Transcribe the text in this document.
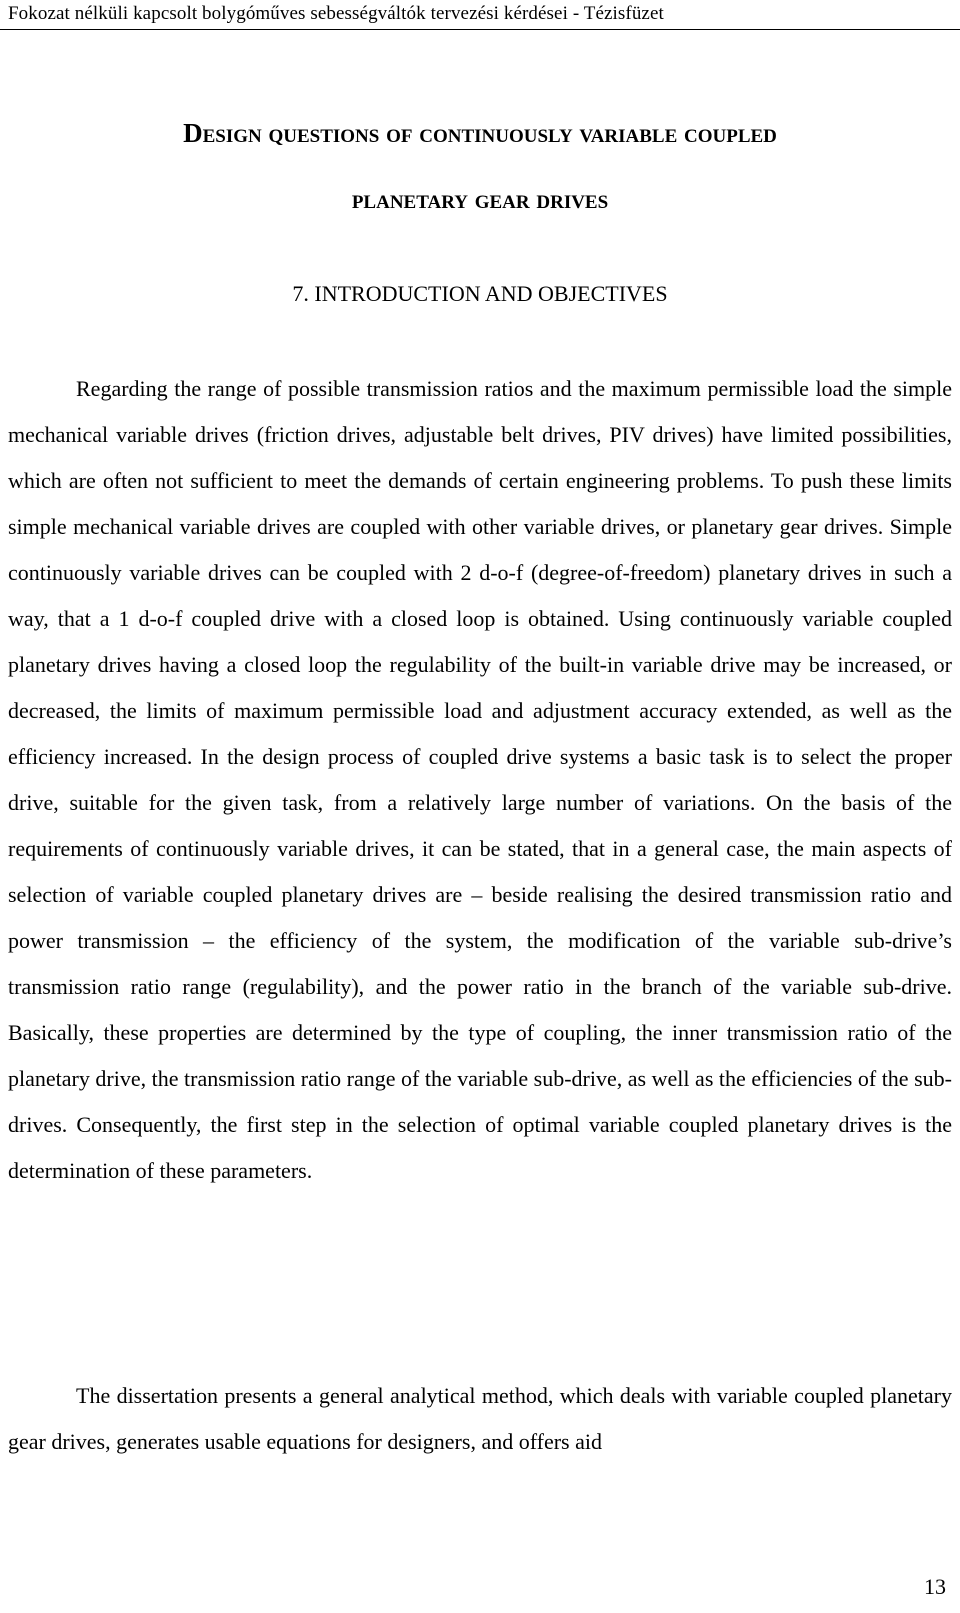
Fokozat nélküli kapcsolt bolygóműves sebességváltók tervezési kérdései - Tézisfüzet
Design questions of continuously variable coupled
planetary gear drives
7. INTRODUCTION AND OBJECTIVES

Regarding the range of possible transmission ratios and the maximum permissible load the simple mechanical variable drives (friction drives, adjustable belt drives, PIV drives) have limited possibilities, which are often not sufficient to meet the demands of certain engineering problems. To push these limits simple mechanical variable drives are coupled with other variable drives, or planetary gear drives. Simple continuously variable drives can be coupled with 2 d-o-f (degree-of-freedom) planetary drives in such a way, that a 1 d-o-f coupled drive with a closed loop is obtained. Using continuously variable coupled planetary drives having a closed loop the regulability of the built-in variable drive may be increased, or decreased, the limits of maximum permissible load and adjustment accuracy extended, as well as the efficiency increased. In the design process of coupled drive systems a basic task is to select the proper drive, suitable for the given task, from a relatively large number of variations. On the basis of the requirements of continuously variable drives, it can be stated, that in a general case, the main aspects of selection of variable coupled planetary drives are – beside realising the desired transmission ratio and power transmission – the efficiency of the system, the modification of the variable sub-drive’s transmission ratio range (regulability), and the power ratio in the branch of the variable sub-drive. Basically, these properties are determined by the type of coupling, the inner transmission ratio of the planetary drive, the transmission ratio range of the variable sub-drive, as well as the efficiencies of the sub-drives. Consequently, the first step in the selection of optimal variable coupled planetary drives is the determination of these parameters.

The dissertation presents a general analytical method, which deals with variable coupled planetary gear drives, generates usable equations for designers, and offers aid

13
